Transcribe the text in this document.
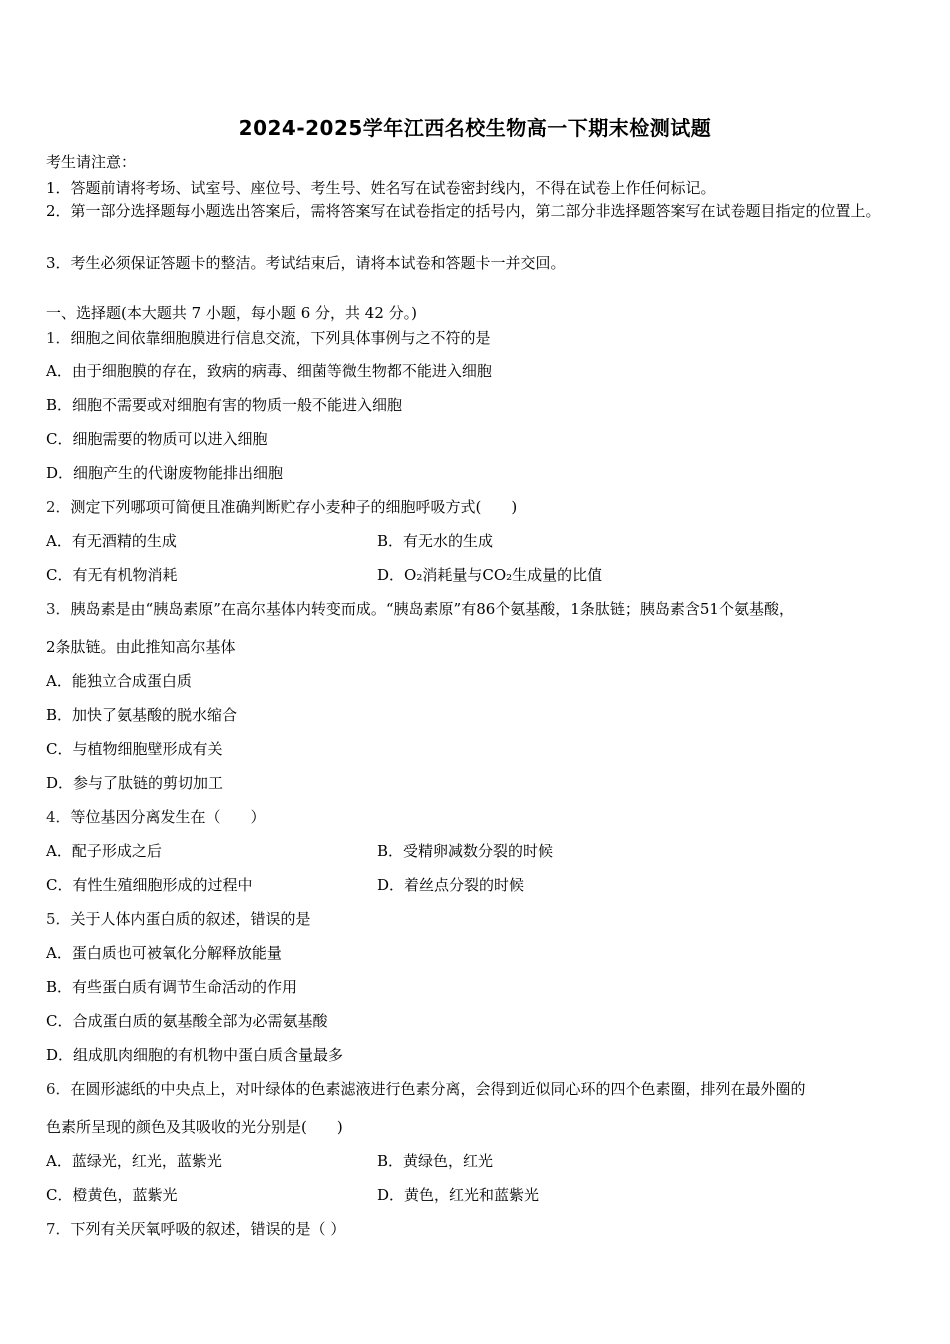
2024-2025学年江西名校生物高一下期末检测试题
考生请注意：
1．答题前请将考场、试室号、座位号、考生号、姓名写在试卷密封线内，不得在试卷上作任何标记。
2．第一部分选择题每小题选出答案后，需将答案写在试卷指定的括号内，第二部分非选择题答案写在试卷题目指定的位置上。
3．考生必须保证答题卡的整洁。考试结束后，请将本试卷和答题卡一并交回。
一、选择题(本大题共 7 小题，每小题 6 分，共 42 分。)
1．细胞之间依靠细胞膜进行信息交流，下列具体事例与之不符的是
A．由于细胞膜的存在，致病的病毒、细菌等微生物都不能进入细胞
B．细胞不需要或对细胞有害的物质一般不能进入细胞
C．细胞需要的物质可以进入细胞
D．细胞产生的代谢废物能排出细胞
2．测定下列哪项可简便且准确判断贮存小麦种子的细胞呼吸方式(　　)
A．有无酒精的生成	B．有无水的生成
C．有无有机物消耗	D．O₂消耗量与CO₂生成量的比值
3．胰岛素是由“胰岛素原”在高尔基体内转变而成。“胰岛素原”有86个氨基酸，1条肽链；胰岛素含51个氨基酸，
2条肽链。由此推知高尔基体
A．能独立合成蛋白质
B．加快了氨基酸的脱水缩合
C．与植物细胞壁形成有关
D．参与了肽链的剪切加工
4．等位基因分离发生在（　　）
A．配子形成之后	B．受精卵减数分裂的时候
C．有性生殖细胞形成的过程中	D．着丝点分裂的时候
5．关于人体内蛋白质的叙述，错误的是
A．蛋白质也可被氧化分解释放能量
B．有些蛋白质有调节生命活动的作用
C．合成蛋白质的氨基酸全部为必需氨基酸
D．组成肌肉细胞的有机物中蛋白质含量最多
6．在圆形滤纸的中央点上，对叶绿体的色素滤液进行色素分离，会得到近似同心环的四个色素圈，排列在最外圈的
色素所呈现的颜色及其吸收的光分别是(　　)
A．蓝绿光，红光，蓝紫光	B．黄绿色，红光
C．橙黄色，蓝紫光	D．黄色，红光和蓝紫光
7．下列有关厌氧呼吸的叙述，错误的是（ ）
